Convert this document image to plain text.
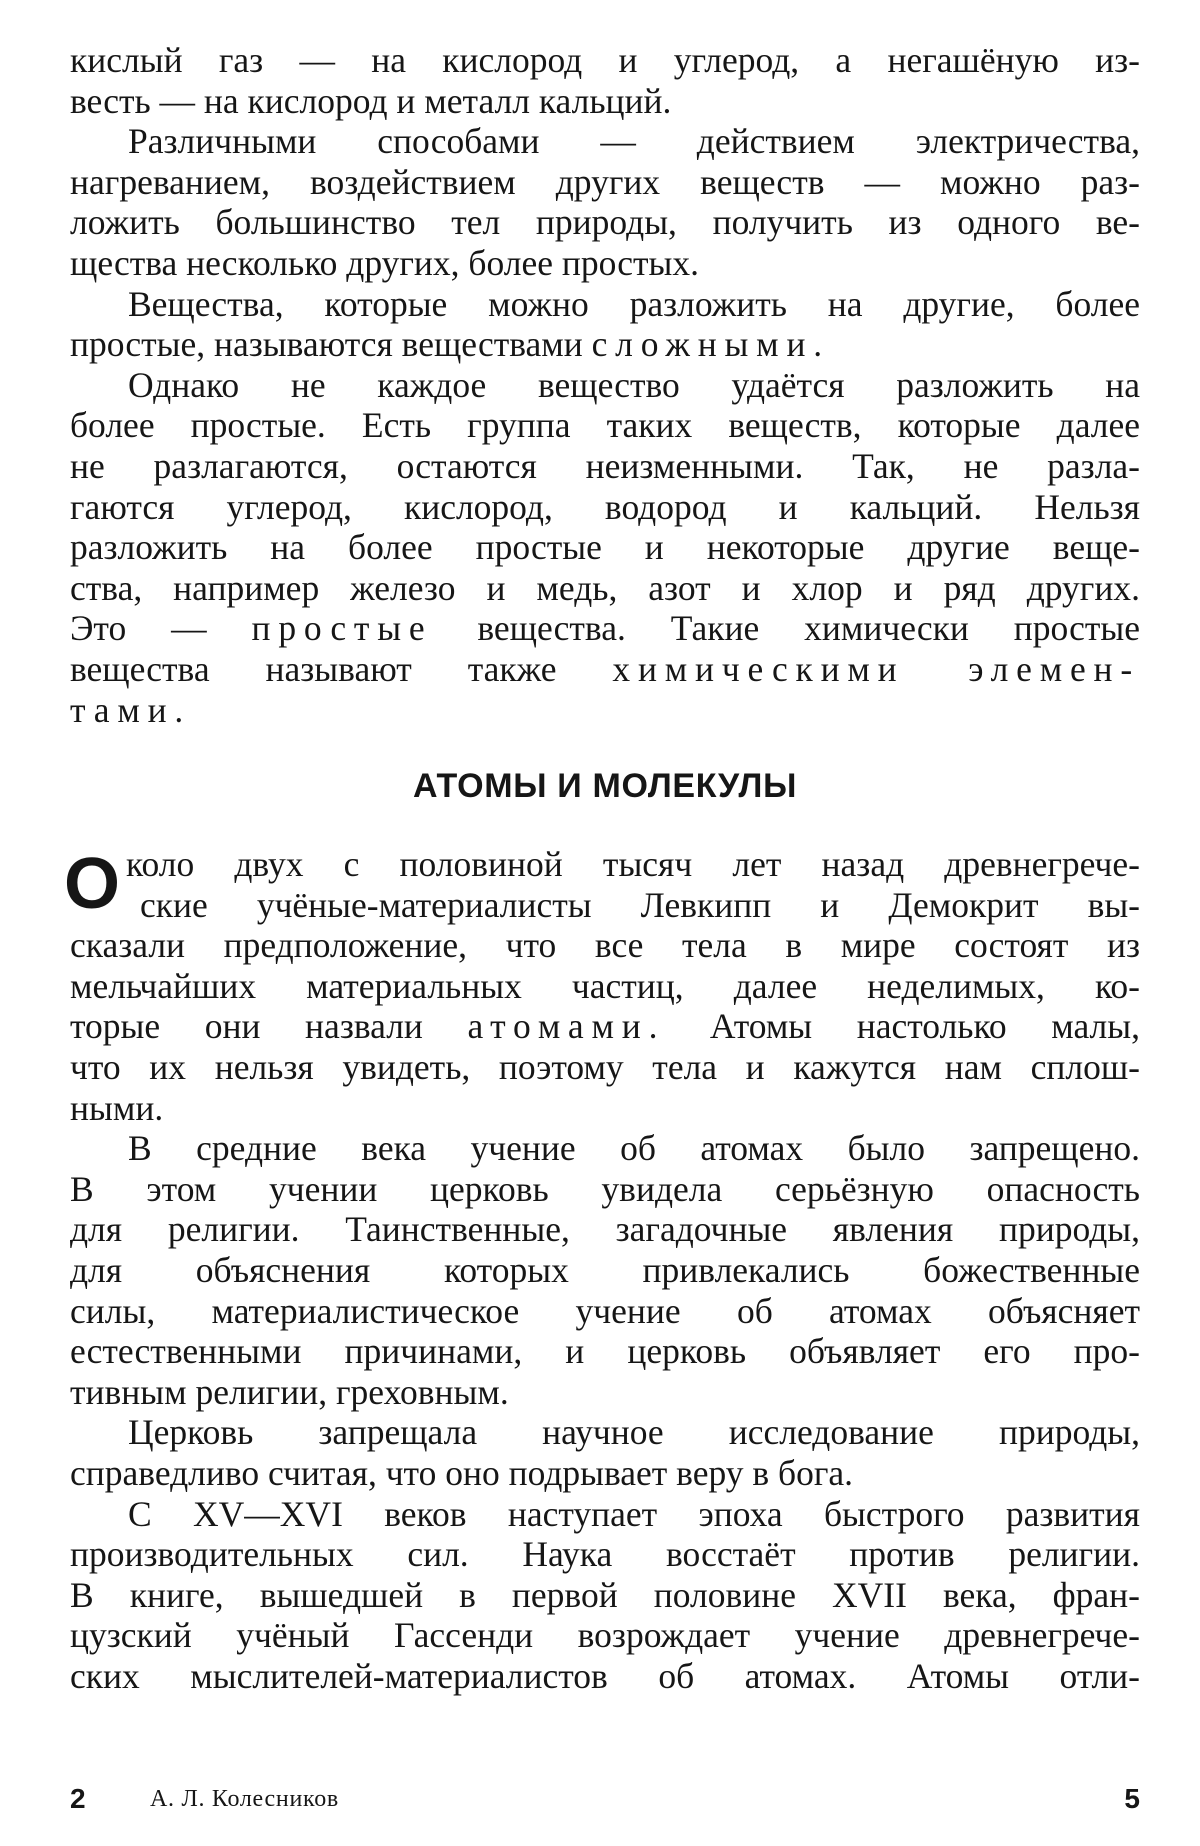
кислый газ — на кислород и углерод, а негашёную из-
весть — на кислород и металл кальций.
Различными способами — действием электричества,
нагреванием, воздействием других веществ — можно раз-
ложить большинство тел природы, получить из одного ве-
щества несколько других, более простых.
Вещества, которые можно разложить на другие, более
простые, называются веществами сложными.
Однако не каждое вещество удаётся разложить на
более простые. Есть группа таких веществ, которые далее
не разлагаются, остаются неизменными. Так, не разла-
гаются углерод, кислород, водород и кальций. Нельзя
разложить на более простые и некоторые другие веще-
ства, например железо и медь, азот и хлор и ряд других.
Это — простые вещества. Такие химически простые
вещества называют также химическими элемен-
тами.
АТОМЫ И МОЛЕКУЛЫ
О коло двух с половиной тысяч лет назад древнегрече-
ские учёные-материалисты Левкипп и Демокрит вы-
сказали предположение, что все тела в мире состоят из
мельчайших материальных частиц, далее неделимых, ко-
торые они назвали атомами. Атомы настолько малы,
что их нельзя увидеть, поэтому тела и кажутся нам сплош-
ными.
В средние века учение об атомах было запрещено.
В этом учении церковь увидела серьёзную опасность
для религии. Таинственные, загадочные явления природы,
для объяснения которых привлекались божественные
силы, материалистическое учение об атомах объясняет
естественными причинами, и церковь объявляет его про-
тивным религии, греховным.
Церковь запрещала научное исследование природы,
справедливо считая, что оно подрывает веру в бога.
С XV—XVI веков наступает эпоха быстрого развития
производительных сил. Наука восстаёт против религии.
В книге, вышедшей в первой половине XVII века, фран-
цузский учёный Гассенди возрождает учение древнегрече-
ских мыслителей-материалистов об атомах. Атомы отли-
2	А. Л. Колесников	5
